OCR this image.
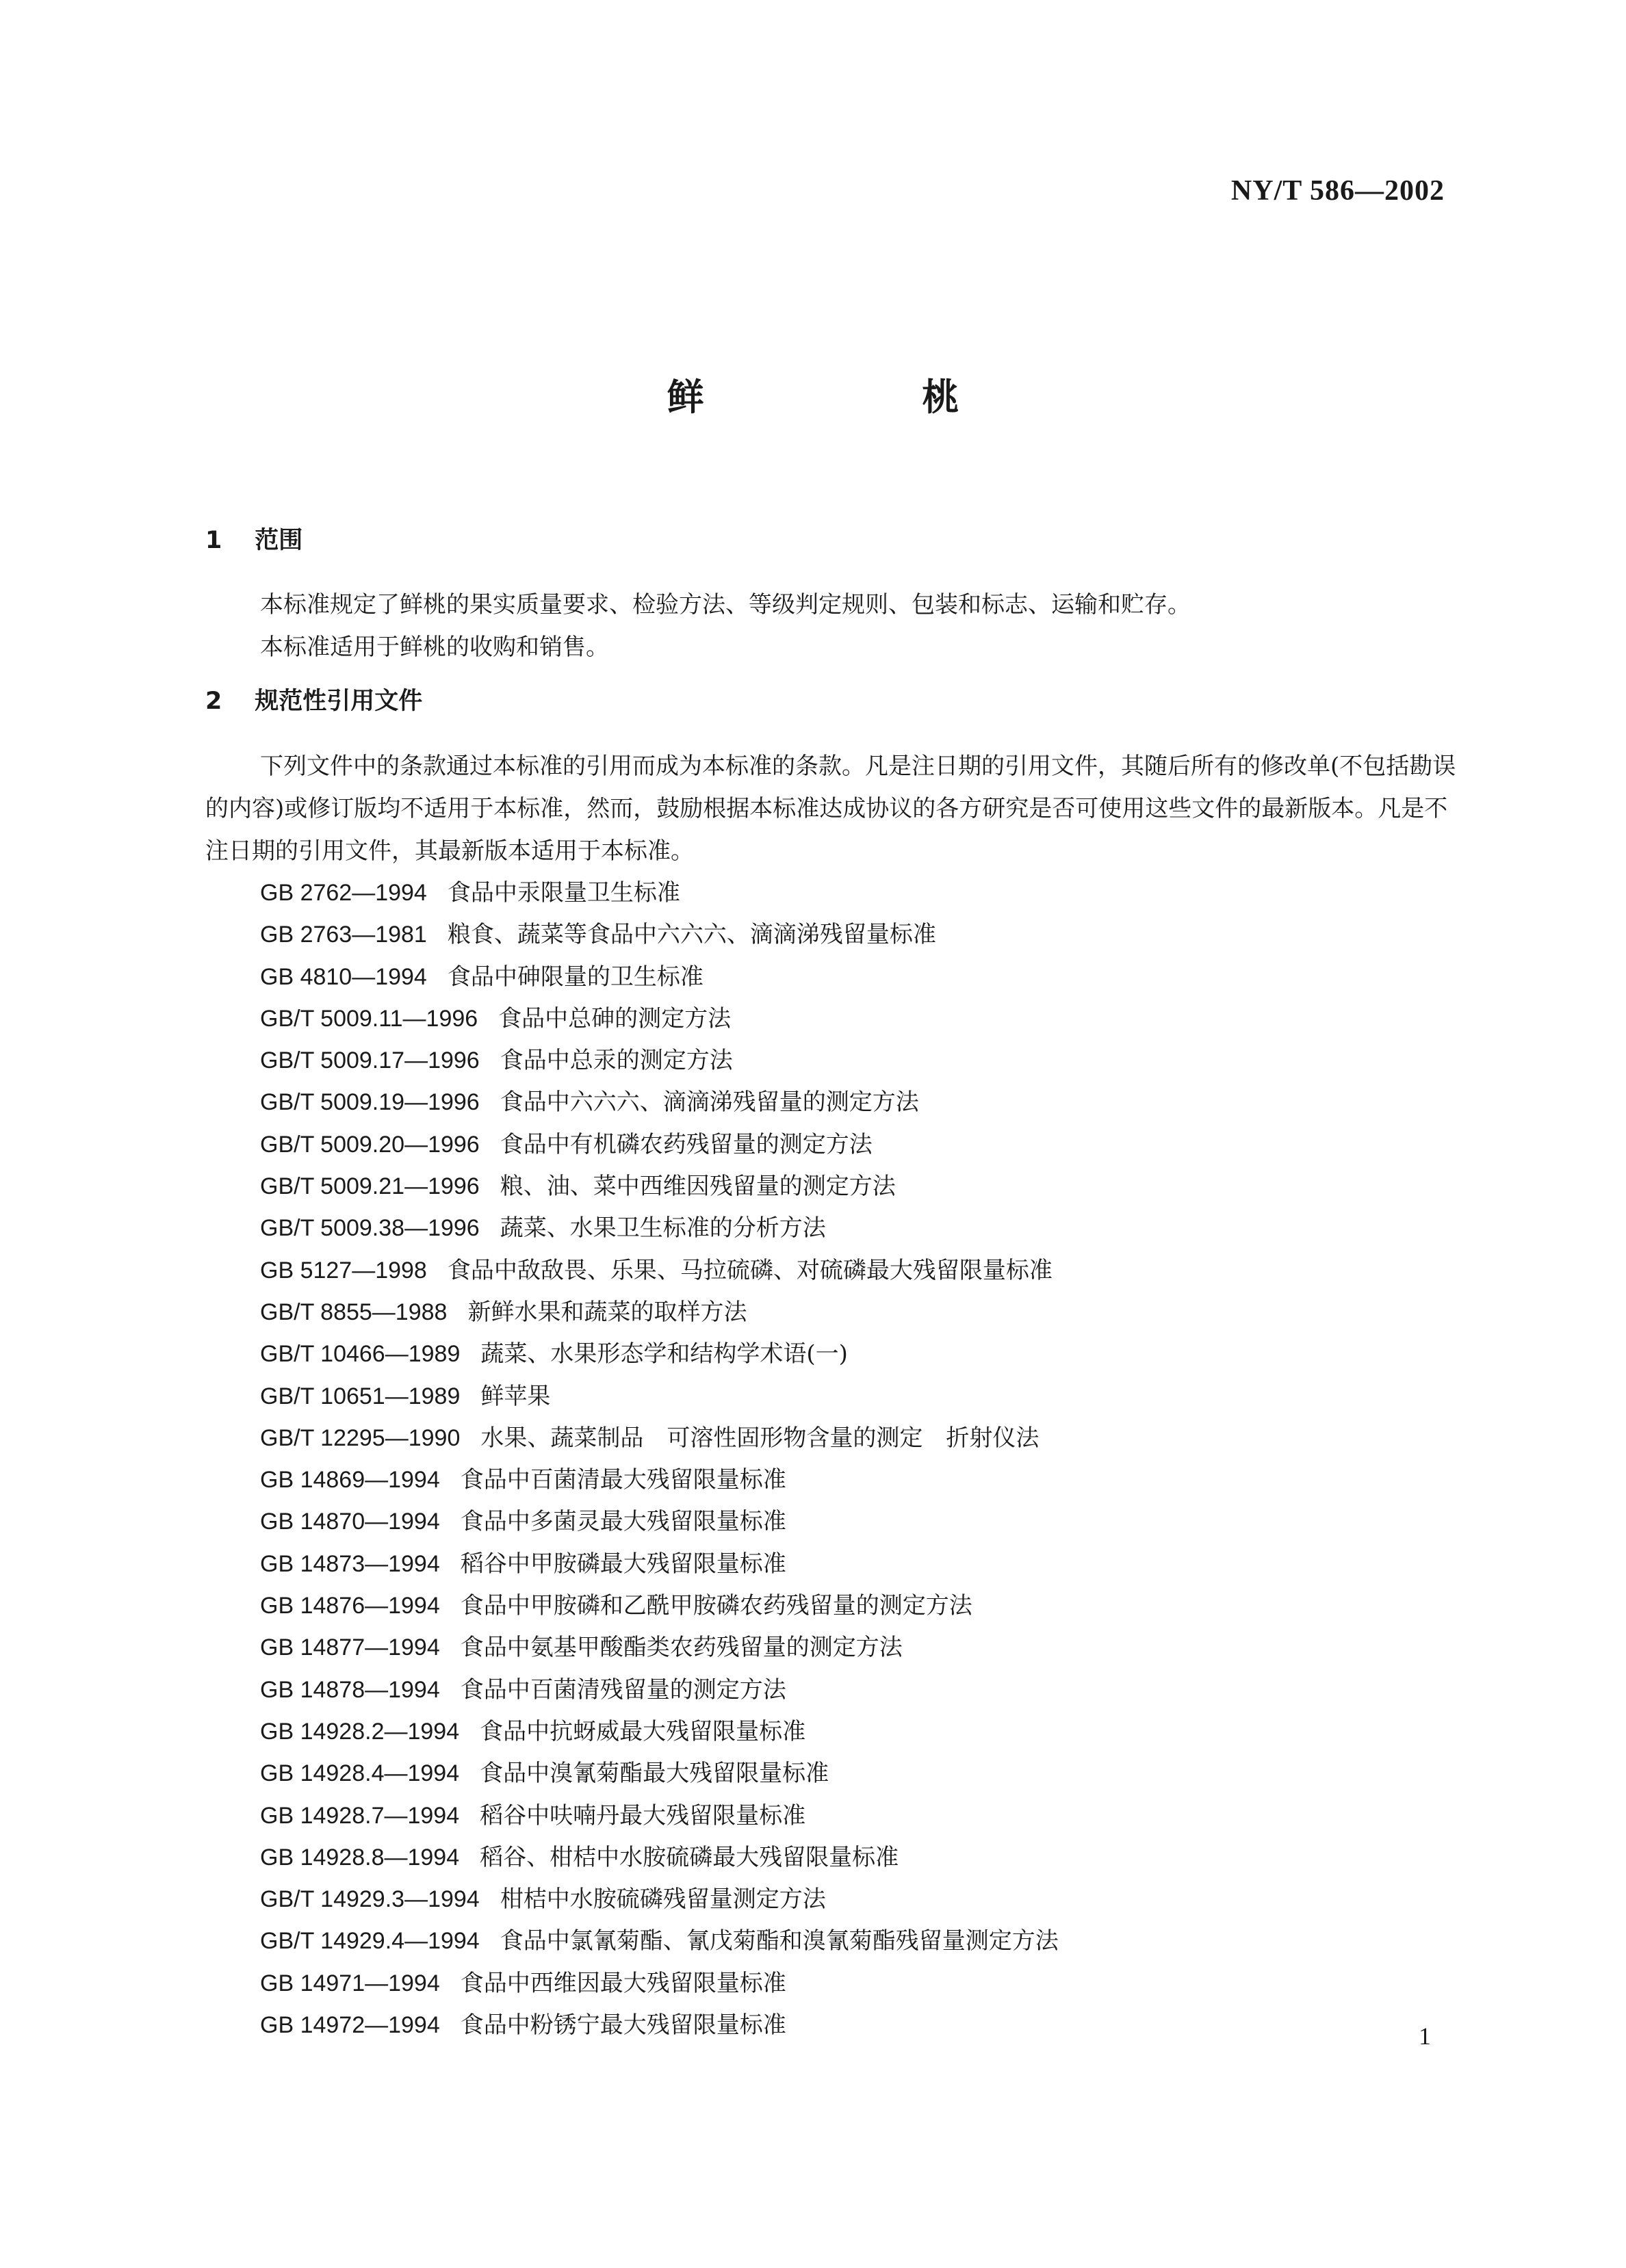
NY/T 586—2002
鲜 桃
1 范围
本标准规定了鲜桃的果实质量要求、检验方法、等级判定规则、包装和标志、运输和贮存。
本标准适用于鲜桃的收购和销售。
2 规范性引用文件
下列文件中的条款通过本标准的引用而成为本标准的条款。凡是注日期的引用文件，其随后所有的修改单(不包括勘误的内容)或修订版均不适用于本标准，然而，鼓励根据本标准达成协议的各方研究是否可使用这些文件的最新版本。凡是不注日期的引用文件，其最新版本适用于本标准。
GB 2762—1994 食品中汞限量卫生标准
GB 2763—1981 粮食、蔬菜等食品中六六六、滴滴涕残留量标准
GB 4810—1994 食品中砷限量的卫生标准
GB/T 5009.11—1996 食品中总砷的测定方法
GB/T 5009.17—1996 食品中总汞的测定方法
GB/T 5009.19—1996 食品中六六六、滴滴涕残留量的测定方法
GB/T 5009.20—1996 食品中有机磷农药残留量的测定方法
GB/T 5009.21—1996 粮、油、菜中西维因残留量的测定方法
GB/T 5009.38—1996 蔬菜、水果卫生标准的分析方法
GB 5127—1998 食品中敌敌畏、乐果、马拉硫磷、对硫磷最大残留限量标准
GB/T 8855—1988 新鲜水果和蔬菜的取样方法
GB/T 10466—1989 蔬菜、水果形态学和结构学术语(一)
GB/T 10651—1989 鲜苹果
GB/T 12295—1990 水果、蔬菜制品　可溶性固形物含量的测定　折射仪法
GB 14869—1994 食品中百菌清最大残留限量标准
GB 14870—1994 食品中多菌灵最大残留限量标准
GB 14873—1994 稻谷中甲胺磷最大残留限量标准
GB 14876—1994 食品中甲胺磷和乙酰甲胺磷农药残留量的测定方法
GB 14877—1994 食品中氨基甲酸酯类农药残留量的测定方法
GB 14878—1994 食品中百菌清残留量的测定方法
GB 14928.2—1994 食品中抗蚜威最大残留限量标准
GB 14928.4—1994 食品中溴氰菊酯最大残留限量标准
GB 14928.7—1994 稻谷中呋喃丹最大残留限量标准
GB 14928.8—1994 稻谷、柑桔中水胺硫磷最大残留限量标准
GB/T 14929.3—1994 柑桔中水胺硫磷残留量测定方法
GB/T 14929.4—1994 食品中氯氰菊酯、氰戊菊酯和溴氰菊酯残留量测定方法
GB 14971—1994 食品中西维因最大残留限量标准
GB 14972—1994 食品中粉锈宁最大残留限量标准	1
